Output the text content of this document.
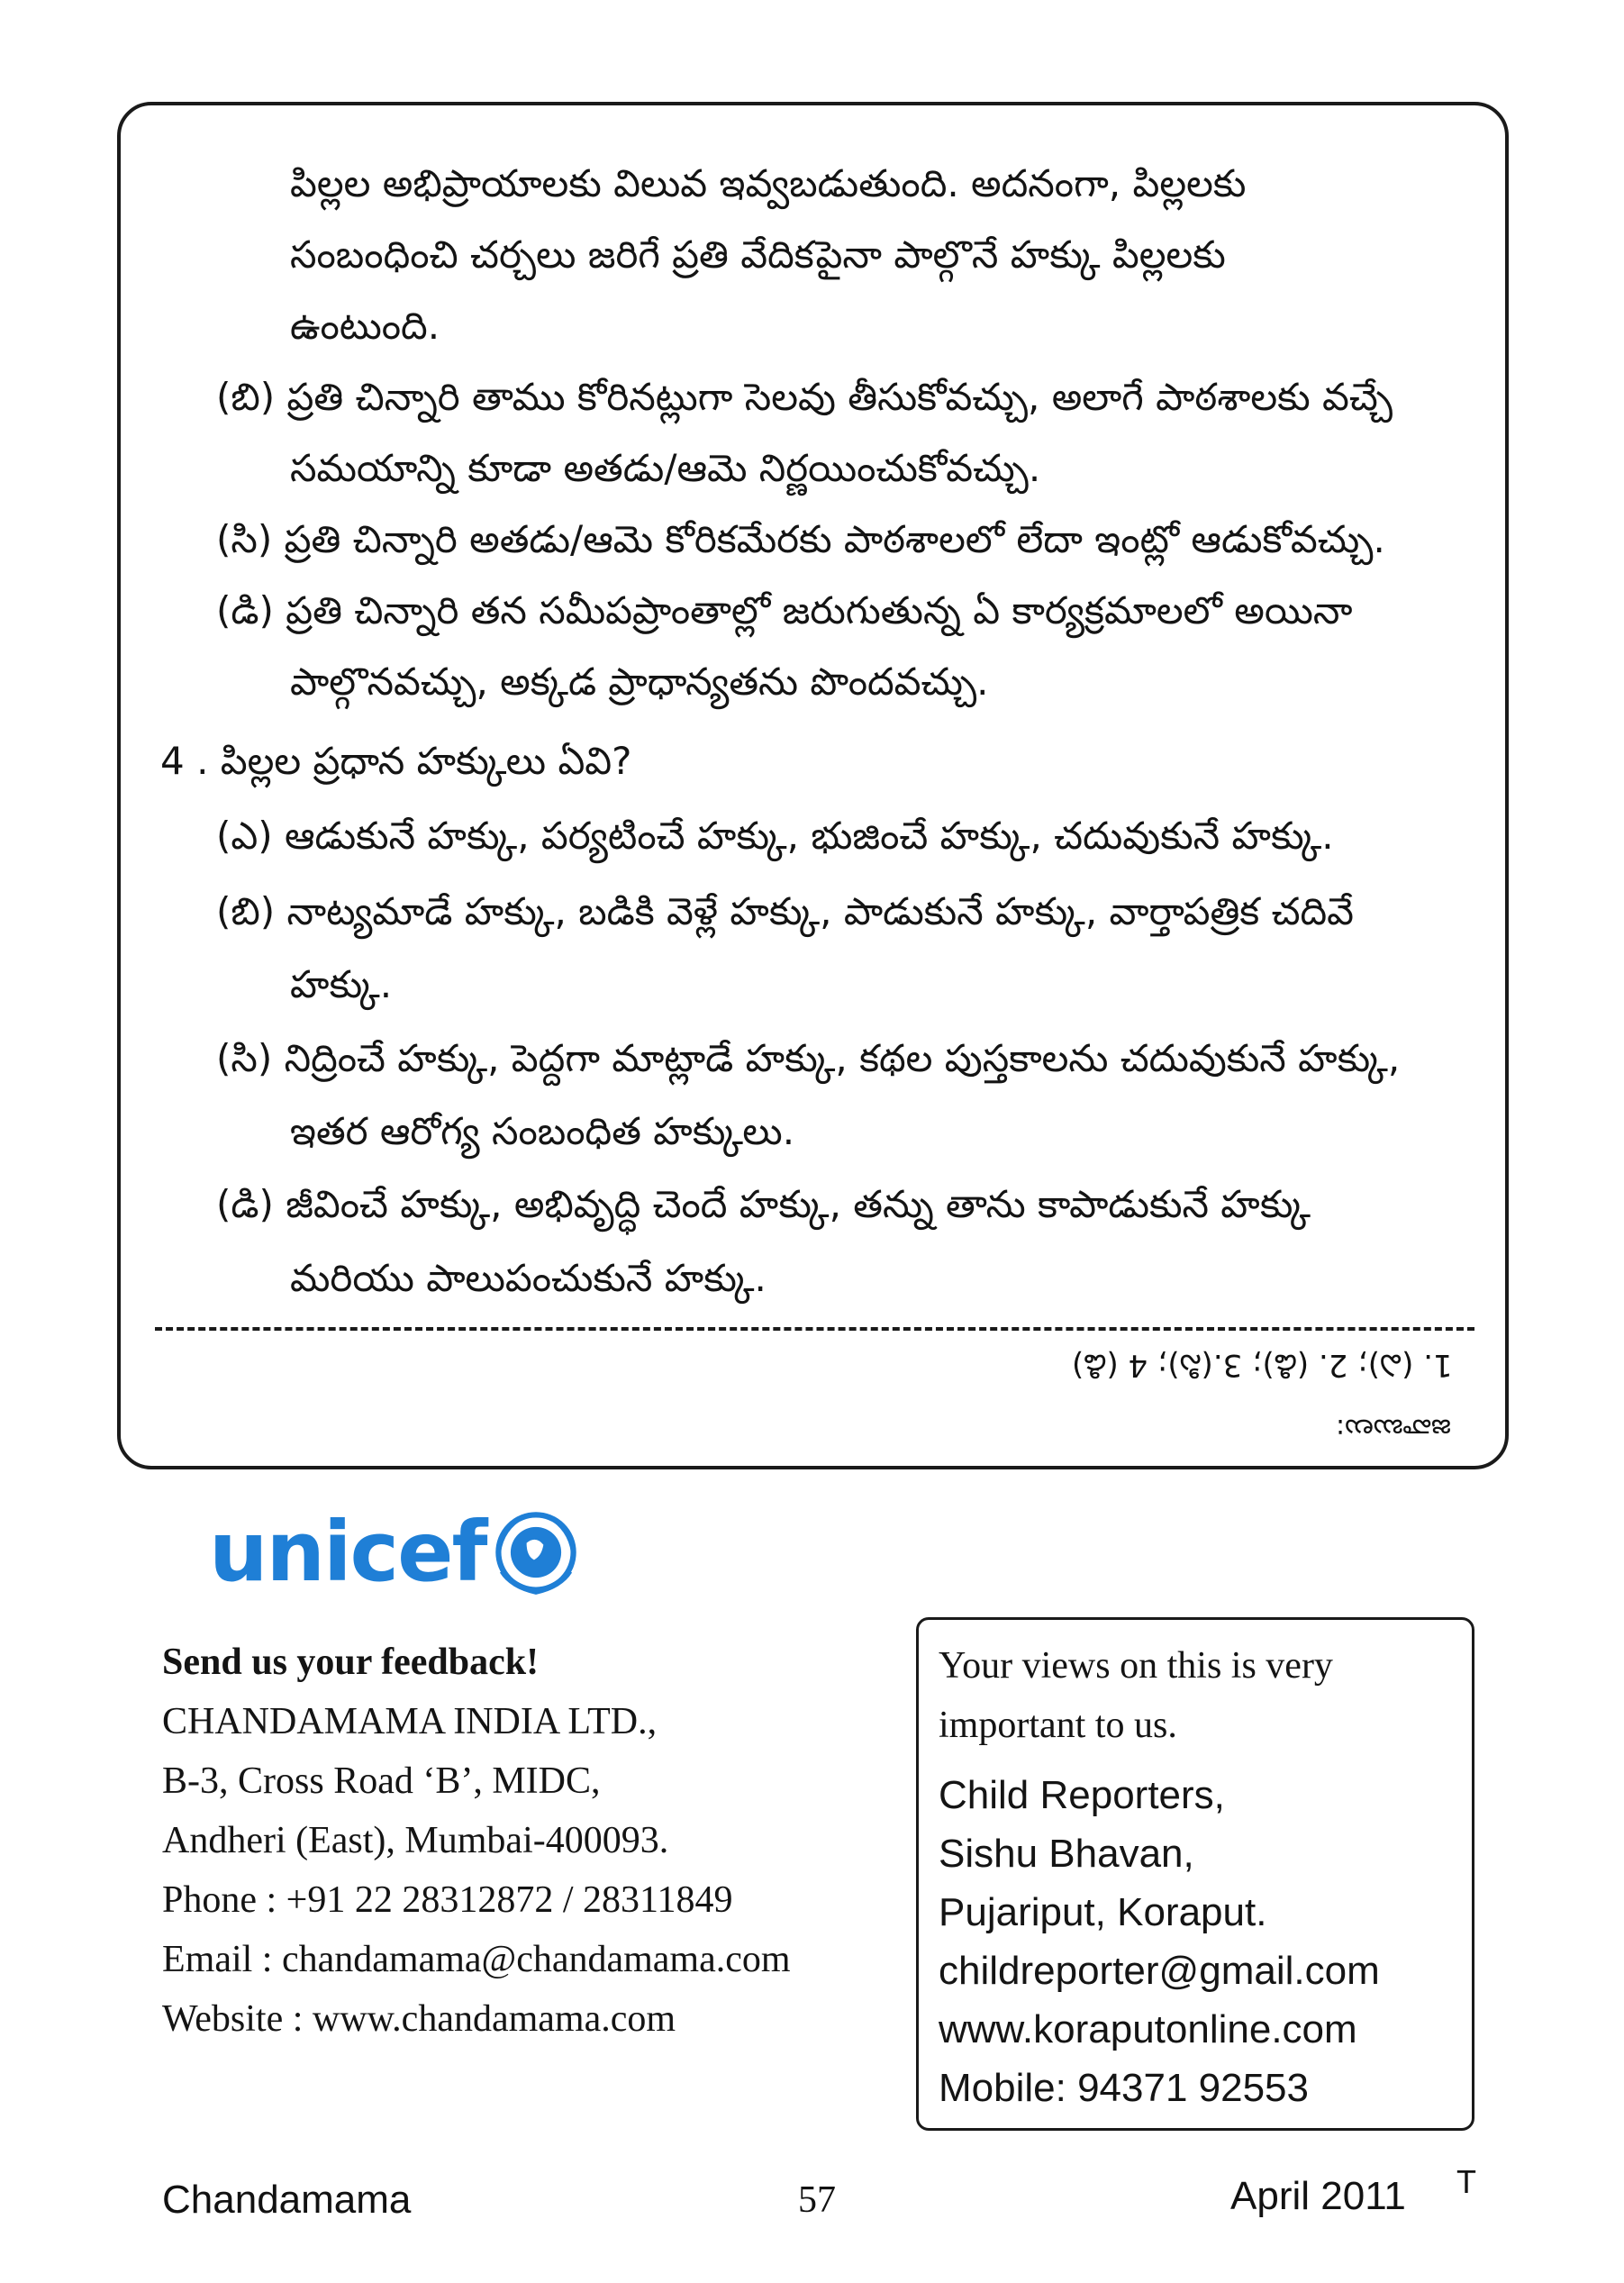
పిల్లల అభిప్రాయాలకు విలువ ఇవ్వబడుతుంది. అదనంగా, పిల్లలకు
సంబంధించి చర్చలు జరిగే ప్రతి వేదికపైనా పాల్గొనే హక్కు పిల్లలకు
ఉంటుంది.
(బి) ప్రతి చిన్నారి తాము కోరినట్లుగా సెలవు తీసుకోవచ్చు, అలాగే పాఠశాలకు వచ్చే
సమయాన్ని కూడా అతడు/ఆమె నిర్ణయించుకోవచ్చు.
(సి) ప్రతి చిన్నారి అతడు/ఆమె కోరికమేరకు పాఠశాలలో లేదా ఇంట్లో ఆడుకోవచ్చు.
(డి) ప్రతి చిన్నారి తన సమీపప్రాంతాల్లో జరుగుతున్న ఏ కార్యక్రమాలలో అయినా
పాల్గొనవచ్చు, అక్కడ ప్రాధాన్యతను పొందవచ్చు.
4 . పిల్లల ప్రధాన హక్కులు ఏవి?
(ఎ) ఆడుకునే హక్కు, పర్యటించే హక్కు, భుజించే హక్కు, చదువుకునే హక్కు.
(బి) నాట్యమాడే హక్కు, బడికి వెళ్లే హక్కు, పాడుకునే హక్కు, వార్తాపత్రిక చదివే
హక్కు.
(సి) నిద్రించే హక్కు, పెద్దగా మాట్లాడే హక్కు, కథల పుస్తకాలను చదువుకునే హక్కు,
ఇతర ఆరోగ్య సంబంధిత హక్కులు.
(డి) జీవించే హక్కు, అభివృద్ధి చెందే హక్కు, తన్ను తాను కాపాడుకునే హక్కు
మరియు పాలుపంచుకునే హక్కు.
1. (ఎ); 2. (డి); 3.(సి); 4 (డి)
జవాబులు:
unicef
Send us your feedback!
CHANDAMAMA INDIA LTD.,
B-3, Cross Road ‘B’, MIDC,
Andheri (East), Mumbai-400093.
Phone : +91 22 28312872 / 28311849
Email : chandamama@chandamama.com
Website : www.chandamama.com
Your views on this is very
important to us.
Child Reporters,
Sishu Bhavan,
Pujariput, Koraput.
childreporter@gmail.com
www.koraputonline.com
Mobile: 94371 92553
Chandamama	57	April 2011 T
